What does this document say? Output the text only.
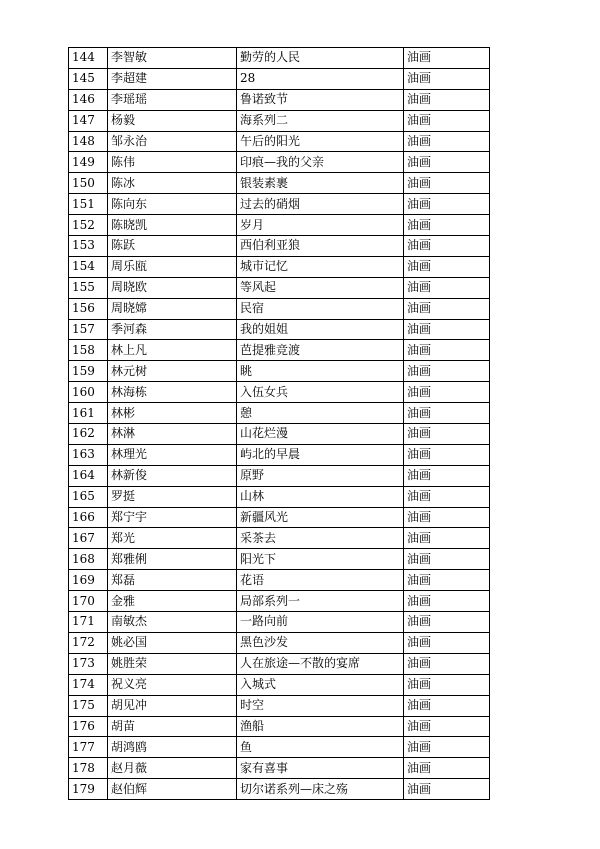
144	李智敏	勤劳的人民	油画
145	李超建	28	油画
146	李瑶瑶	鲁诺致节	油画
147	杨毅	海系列二	油画
148	邹永治	午后的阳光	油画
149	陈伟	印痕—我的父亲	油画
150	陈冰	银装素裹	油画
151	陈向东	过去的硝烟	油画
152	陈晓凯	岁月	油画
153	陈跃	西伯利亚狼	油画
154	周乐瓯	城市记忆	油画
155	周晓欧	等风起	油画
156	周晓嫦	民宿	油画
157	季河森	我的姐姐	油画
158	林上凡	芭提雅竞渡	油画
159	林元树	眺	油画
160	林海栋	入伍女兵	油画
161	林彬	憩	油画
162	林淋	山花烂漫	油画
163	林理光	屿北的早晨	油画
164	林新俊	原野	油画
165	罗挺	山林	油画
166	郑宁宇	新疆风光	油画
167	郑光	采茶去	油画
168	郑雅俐	阳光下	油画
169	郑磊	花语	油画
170	金雅	局部系列一	油画
171	南敏杰	一路向前	油画
172	姚必国	黑色沙发	油画
173	姚胜荣	人在旅途—不散的宴席	油画
174	祝义亮	入城式	油画
175	胡见冲	时空	油画
176	胡苗	渔船	油画
177	胡鸿鸥	鱼	油画
178	赵月薇	家有喜事	油画
179	赵伯辉	切尔诺系列—床之殇	油画
